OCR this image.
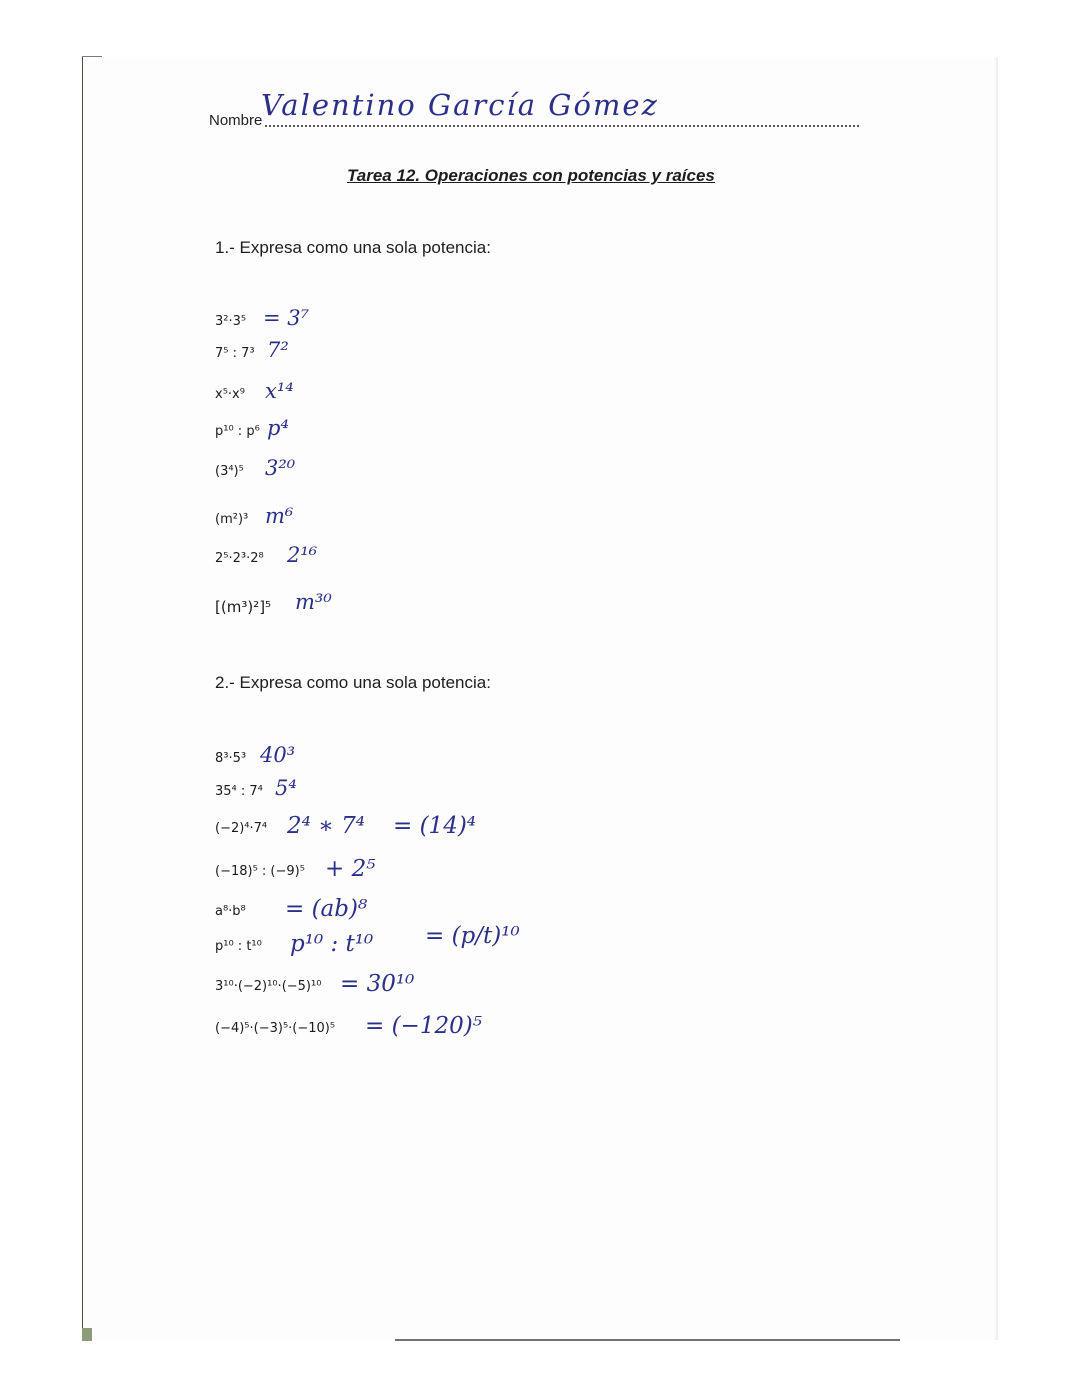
Nombre
Valentino García Gómez
Tarea 12. Operaciones con potencias y raíces
1.- Expresa como una sola potencia:
3²·3⁵ = 3⁷
7⁵ : 7³ 7²
x⁵·x⁹ x¹⁴
p¹⁰ : p⁶ p⁴
(3⁴)⁵ 3²⁰
(m²)³ m⁶
2⁵·2³·2⁸ 2¹⁶
[(m³)²]⁵ m³⁰
2.- Expresa como una sola potencia:
8³·5³ 40³
35⁴ : 7⁴ 5⁴
(−2)⁴·7⁴ 2⁴ ∗ 7⁴ = (14)⁴
(−18)⁵ : (−9)⁵ + 2⁵
a⁸·b⁸ = (ab)⁸
p¹⁰ : t¹⁰ p¹⁰ : t¹⁰ = (p/t)¹⁰
3¹⁰·(−2)¹⁰·(−5)¹⁰ = 30¹⁰
(−4)⁵·(−3)⁵·(−10)⁵ = (−120)⁵
